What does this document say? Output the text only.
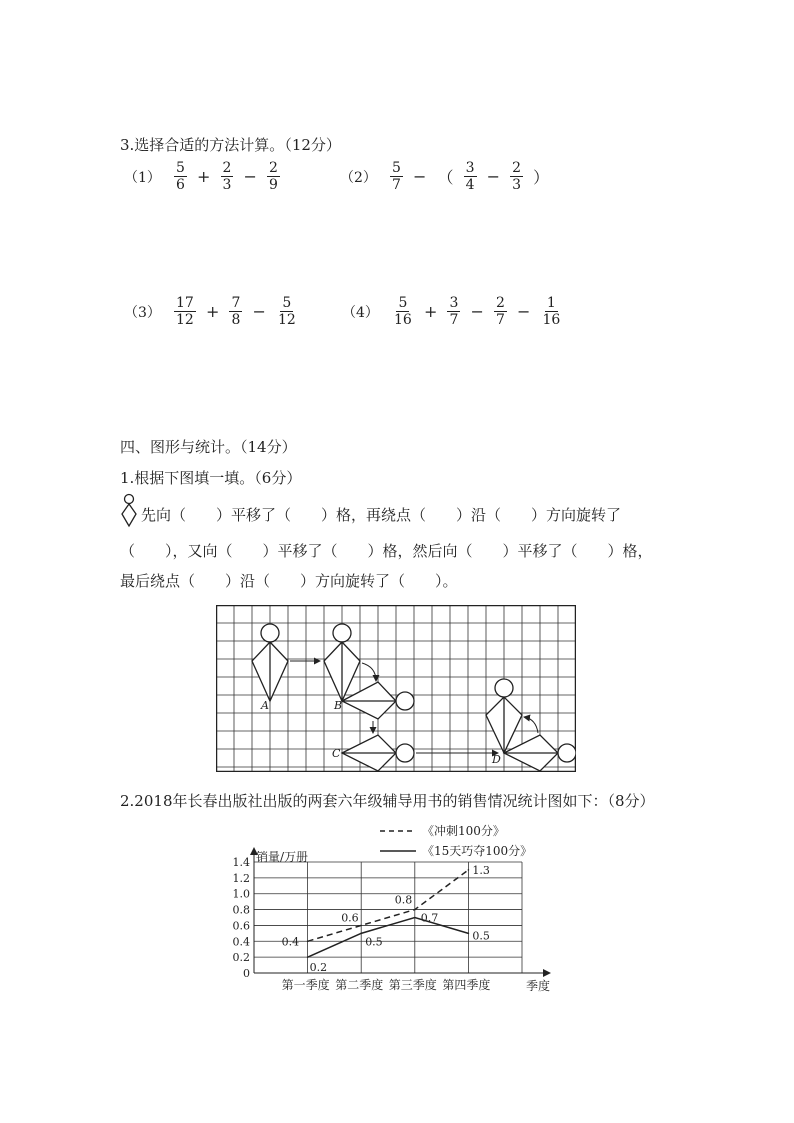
3.选择合适的方法计算。（12分）
$(1) \frac{5}{6} + \frac{2}{3} - \frac{2}{9}$	$(2) \frac{5}{7}$ − （ $\frac{3}{4} - \frac{2}{3}$ ）
$(3) \frac{17}{12} + \frac{7}{8} - \frac{5}{12}$	$(4) \frac{5}{16} + \frac{3}{7} - \frac{2}{7} - \frac{1}{16}$
四、图形与统计。（14分）
1.根据下图填一填。（6分）
先向（　　）平移了（　　）格，再绕点（　　）沿（　　）方向旋转了
（　　），又向（　　）平移了（　　）格，然后向（　　）平移了（　　）格，
最后绕点（　　）沿（　　）方向旋转了（　　）。
A	B
C	D
2.2018年长春出版社出版的两套六年级辅导用书的销售情况统计图如下：（8分）
《冲刺100分》
《15天巧夺100分》
销量/万册
0
0.2
0.4
0.6
0.8
1.0
1.2
1.4
第一季度 第二季度 第三季度 第四季度	季度
0.4
0.6
0.8
1.3
0.2
0.5
0.7
0.5
